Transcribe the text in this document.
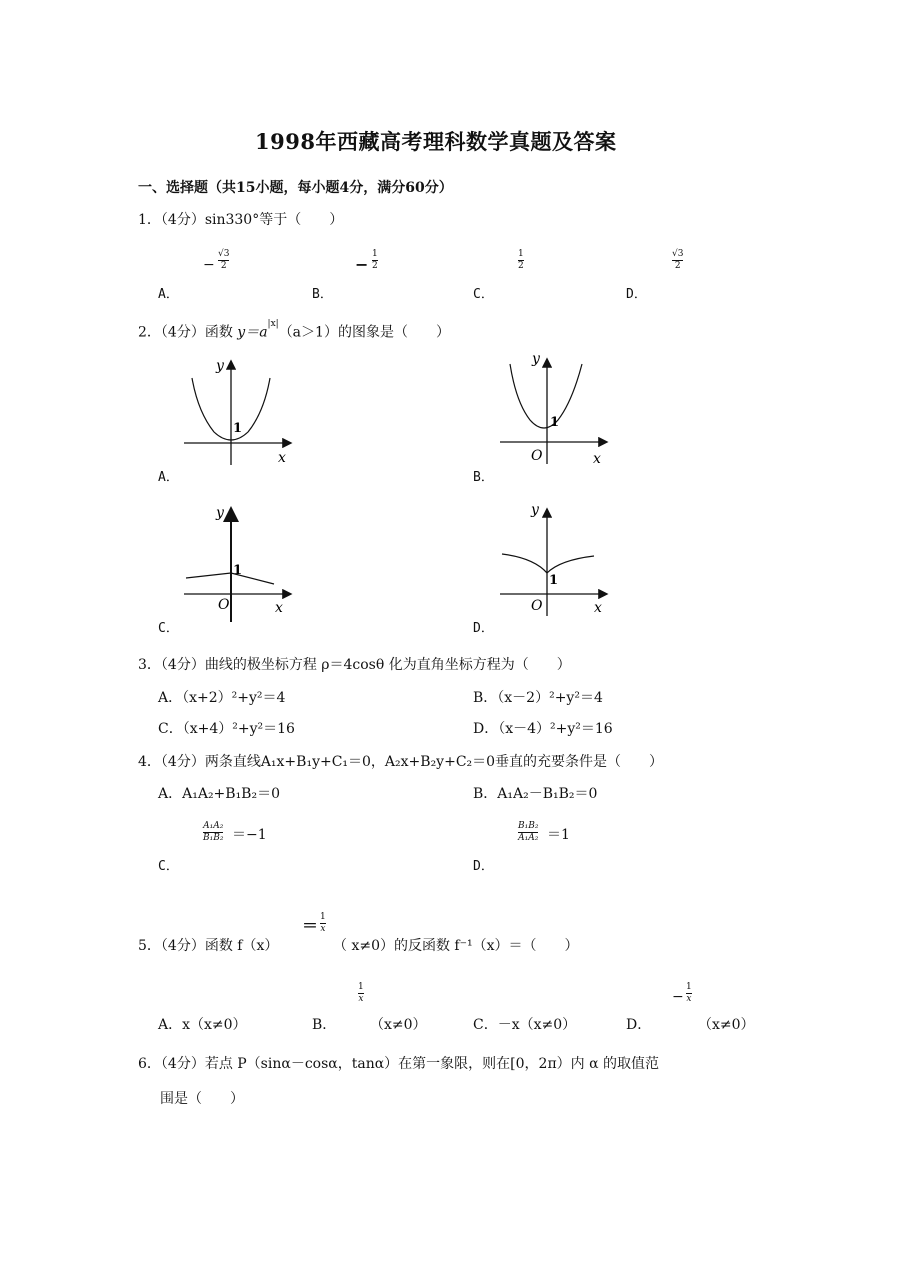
1998年西藏高考理科数学真题及答案
一、选择题（共15小题，每小题4分，满分60分）
1．（4分）sin330°等于（　　）
−
√3
2
A．
−
1
2
B．
1
2
C．
√3
2
D．
2．（4分）函数 $y=a^{|x|}(a>1)$的图象是（　　）
y
x
1
A．
y
O	x
1
B．
y
O	x
1
C．
y
O	x
1
D．
3．（4分）曲线的极坐标方程 ρ＝4cosθ 化为直角坐标方程为（　　）
A．（x+2）²+y²＝4	B．（x－2）²+y²＝4
C．（x+4）²+y²＝16	D．（x－4）²+y²＝16
4．（4分）两条直线A₁x+B₁y+C₁＝0，A₂x+B₂y+C₂＝0垂直的充要条件是（　　）
A．A₁A₂+B₁B₂＝0	B．A₁A₂－B₁B₂＝0
A₁A₂
B₁B₂ ＝−1
C．
B₁B₂
A₁A₂ ＝1
D．
＝ 1
x
5．（4分）函数 f（x）	（ x≠0）的反函数 f⁻¹（x）＝（　　）
A．x（x≠0）	B．
1
x
（x≠0）	C．－x（x≠0）	D．
−
1
x
（x≠0）
6．（4分）若点 P（sinα－cosα，tanα）在第一象限，则在[0，2π）内 α 的取值范
围是（　　）
